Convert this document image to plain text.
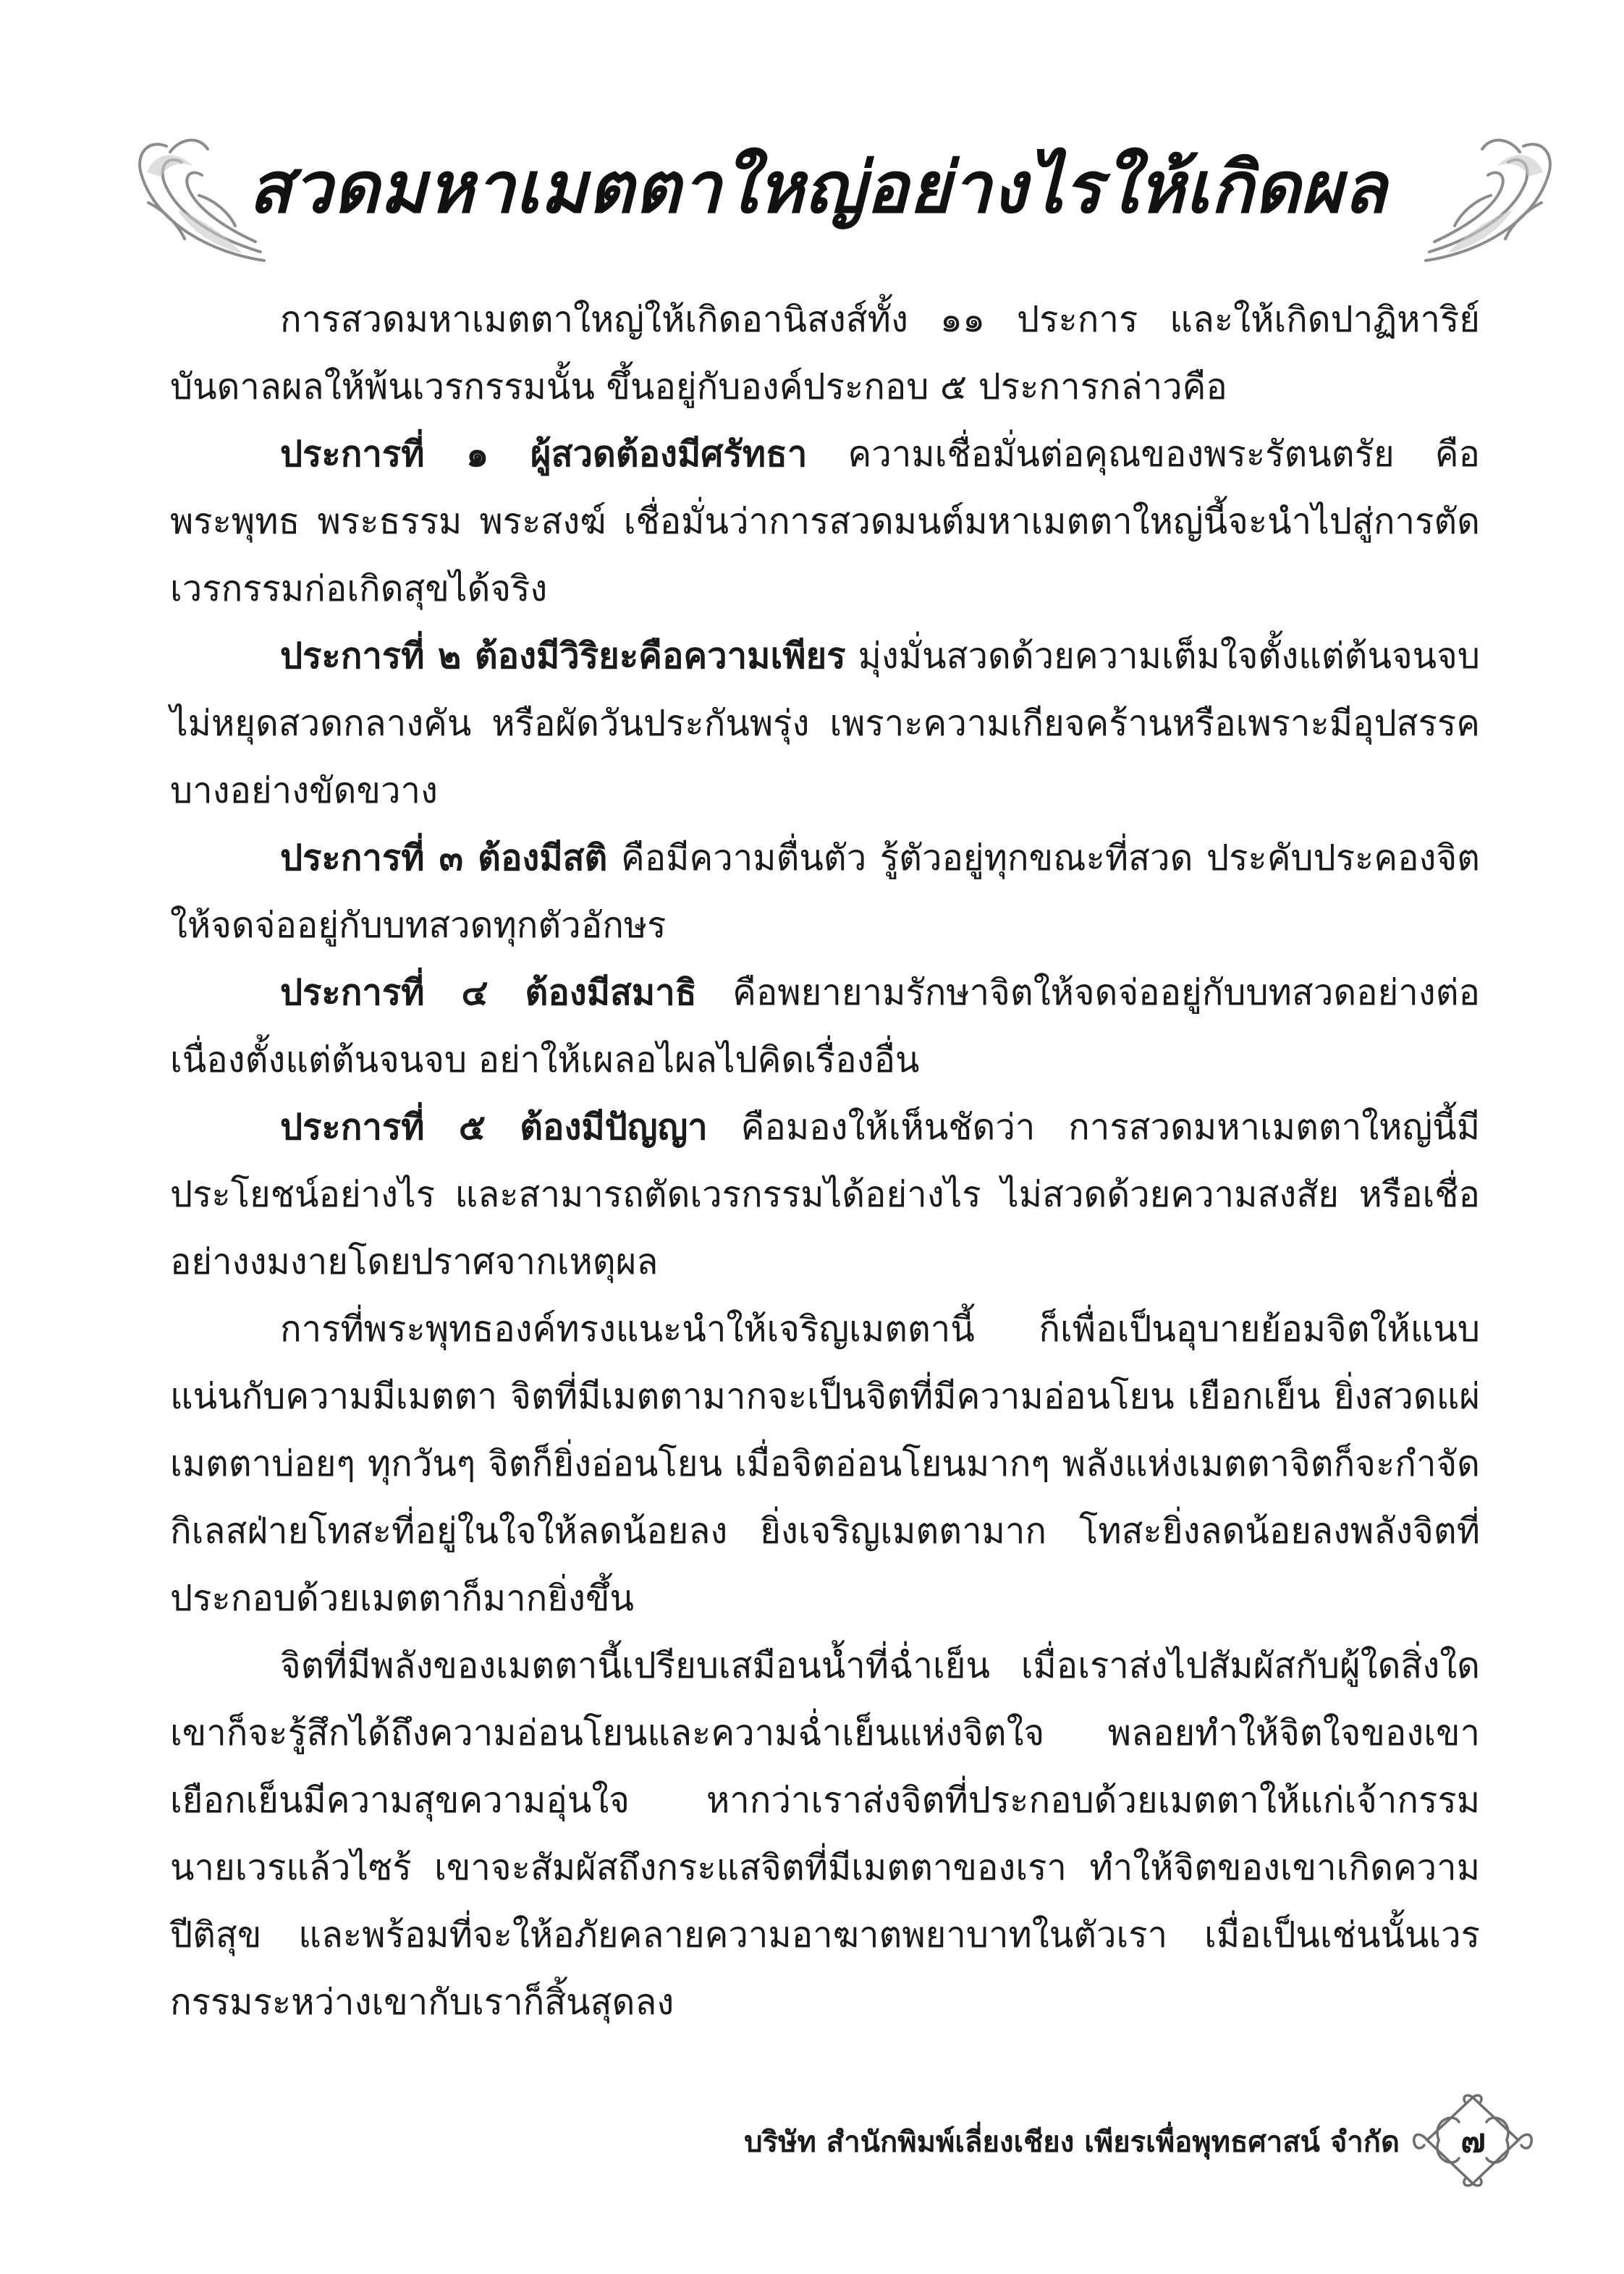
สวดมหาเมตตาใหญ่อย่างไรให้เกิดผล

การสวดมหาเมตตาใหญ่ให้เกิดอานิสงส์ทั้ง ๑๑ ประการ และให้เกิดปาฏิหาริย์บันดาลผลให้พ้นเวรกรรมนั้น ขึ้นอยู่กับองค์ประกอบ ๕ ประการกล่าวคือ

ประการที่ ๑ ผู้สวดต้องมีศรัทธา ความเชื่อมั่นต่อคุณของพระรัตนตรัย คือ พระพุทธ พระธรรม พระสงฆ์ เชื่อมั่นว่าการสวดมนต์มหาเมตตาใหญ่นี้จะนำไปสู่การตัดเวรกรรมก่อเกิดสุขได้จริง

ประการที่ ๒ ต้องมีวิริยะคือความเพียร มุ่งมั่นสวดด้วยความเต็มใจตั้งแต่ต้นจนจบ ไม่หยุดสวดกลางคัน หรือผัดวันประกันพรุ่ง เพราะความเกียจคร้านหรือเพราะมีอุปสรรคบางอย่างขัดขวาง

ประการที่ ๓ ต้องมีสติ คือมีความตื่นตัว รู้ตัวอยู่ทุกขณะที่สวด ประคับประคองจิตให้จดจ่ออยู่กับบทสวดทุกตัวอักษร

ประการที่ ๔ ต้องมีสมาธิ คือพยายามรักษาจิตให้จดจ่ออยู่กับบทสวดอย่างต่อเนื่องตั้งแต่ต้นจนจบ อย่าให้เผลอไผลไปคิดเรื่องอื่น

ประการที่ ๕ ต้องมีปัญญา คือมองให้เห็นชัดว่า การสวดมหาเมตตาใหญ่นี้มีประโยชน์อย่างไร และสามารถตัดเวรกรรมได้อย่างไร ไม่สวดด้วยความสงสัย หรือเชื่ออย่างงมงายโดยปราศจากเหตุผล

การที่พระพุทธองค์ทรงแนะนำให้เจริญเมตตานี้ ก็เพื่อเป็นอุบายย้อมจิตให้แนบแน่นกับความมีเมตตา จิตที่มีเมตตามากจะเป็นจิตที่มีความอ่อนโยน เยือกเย็น ยิ่งสวดแผ่เมตตาบ่อยๆ ทุกวันๆ จิตก็ยิ่งอ่อนโยน เมื่อจิตอ่อนโยนมากๆ พลังแห่งเมตตาจิตก็จะกำจัดกิเลสฝ่ายโทสะที่อยู่ในใจให้ลดน้อยลง ยิ่งเจริญเมตตามาก โทสะยิ่งลดน้อยลงพลังจิตที่ประกอบด้วยเมตตาก็มากยิ่งขึ้น

จิตที่มีพลังของเมตตานี้เปรียบเสมือนน้ำที่ฉ่ำเย็น เมื่อเราส่งไปสัมผัสกับผู้ใดสิ่งใด เขาก็จะรู้สึกได้ถึงความอ่อนโยนและความฉ่ำเย็นแห่งจิตใจ พลอยทำให้จิตใจของเขาเยือกเย็นมีความสุขความอุ่นใจ หากว่าเราส่งจิตที่ประกอบด้วยเมตตาให้แก่เจ้ากรรมนายเวรแล้วไซร้ เขาจะสัมผัสถึงกระแสจิตที่มีเมตตาของเรา ทำให้จิตของเขาเกิดความปีติสุข และพร้อมที่จะให้อภัยคลายความอาฆาตพยาบาทในตัวเรา เมื่อเป็นเช่นนั้นเวรกรรมระหว่างเขากับเราก็สิ้นสุดลง

บริษัท สำนักพิมพ์เลี่ยงเชียง เพียรเพื่อพุทธศาสน์ จำกัด	๗
